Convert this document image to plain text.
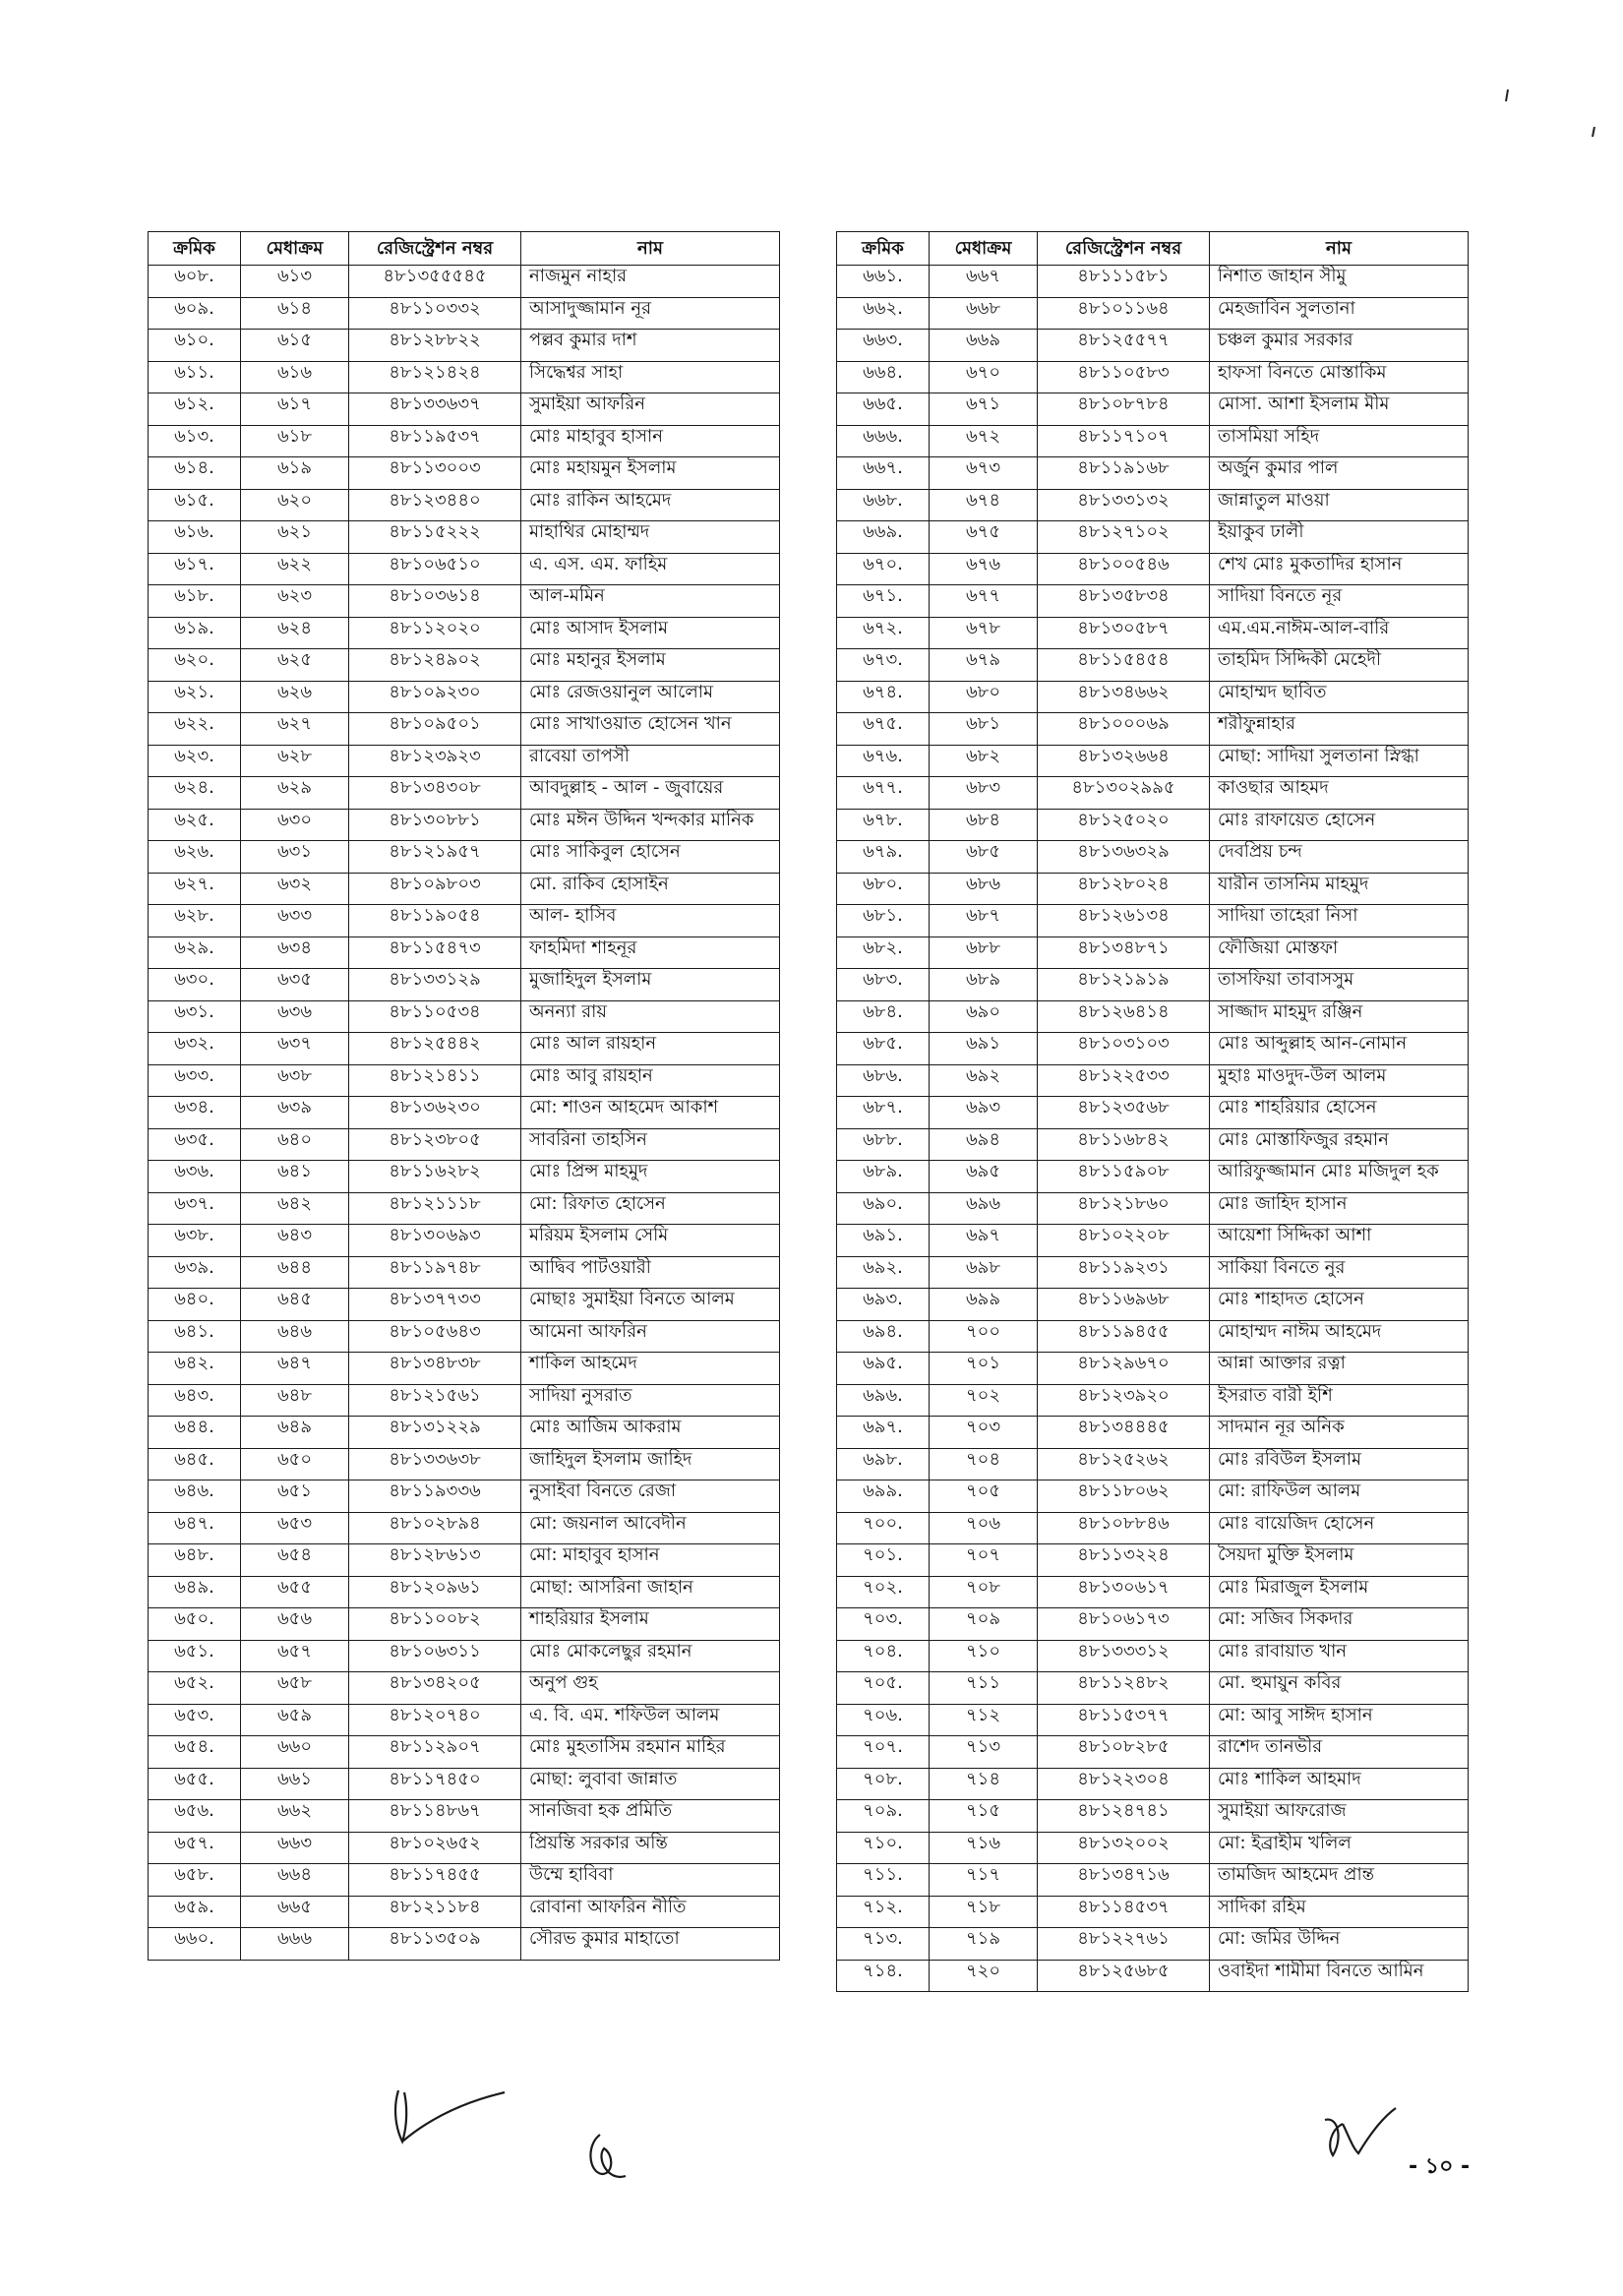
ক্রমিক	মেধাক্রম	রেজিস্ট্রেশন নম্বর	নাম
৬০৮.	৬১৩	৪৮১৩৫৫৫৪৫	নাজমুন নাহার
৬০৯.	৬১৪	৪৮১১০৩৩২	আসাদুজ্জামান নূর
৬১০.	৬১৫	৪৮১২৮৮২২	পল্লব কুমার দাশ
৬১১.	৬১৬	৪৮১২১৪২৪	সিদ্ধেশ্বর সাহা
৬১২.	৬১৭	৪৮১৩৩৬৩৭	সুমাইয়া আফরিন
৬১৩.	৬১৮	৪৮১১৯৫৩৭	মোঃ মাহাবুব হাসান
৬১৪.	৬১৯	৪৮১১৩০০৩	মোঃ মহায়মুন ইসলাম
৬১৫.	৬২০	৪৮১২৩৪৪০	মোঃ রাকিন আহমেদ
৬১৬.	৬২১	৪৮১১৫২২২	মাহাথির মোহাম্মদ
৬১৭.	৬২২	৪৮১০৬৫১০	এ. এস. এম. ফাহিম
৬১৮.	৬২৩	৪৮১০৩৬১৪	আল-মমিন
৬১৯.	৬২৪	৪৮১১২০২০	মোঃ আসাদ ইসলাম
৬২০.	৬২৫	৪৮১২৪৯০২	মোঃ মহানুর ইসলাম
৬২১.	৬২৬	৪৮১০৯২৩০	মোঃ রেজওয়ানুল আলোম
৬২২.	৬২৭	৪৮১০৯৫০১	মোঃ সাখাওয়াত হোসেন খান
৬২৩.	৬২৮	৪৮১২৩৯২৩	রাবেয়া তাপসী
৬২৪.	৬২৯	৪৮১৩৪৩০৮	আবদুল্লাহ - আল - জুবায়ের
৬২৫.	৬৩০	৪৮১৩০৮৮১	মোঃ মঈন উদ্দিন খন্দকার মানিক
৬২৬.	৬৩১	৪৮১২১৯৫৭	মোঃ সাকিবুল হোসেন
৬২৭.	৬৩২	৪৮১০৯৮০৩	মো. রাকিব হোসাইন
৬২৮.	৬৩৩	৪৮১১৯০৫৪	আল- হাসিব
৬২৯.	৬৩৪	৪৮১১৫৪৭৩	ফাহমিদা শাহনূর
৬৩০.	৬৩৫	৪৮১৩৩১২৯	মুজাহিদুল ইসলাম
৬৩১.	৬৩৬	৪৮১১০৫৩৪	অনন্যা রায়
৬৩২.	৬৩৭	৪৮১২৫৪৪২	মোঃ আল রায়হান
৬৩৩.	৬৩৮	৪৮১২১৪১১	মোঃ আবু রায়হান
৬৩৪.	৬৩৯	৪৮১৩৬২৩০	মো: শাওন আহমেদ আকাশ
৬৩৫.	৬৪০	৪৮১২৩৮০৫	সাবরিনা তাহসিন
৬৩৬.	৬৪১	৪৮১১৬২৮২	মোঃ প্রিন্স মাহমুদ
৬৩৭.	৬৪২	৪৮১২১১১৮	মো: রিফাত হোসেন
৬৩৮.	৬৪৩	৪৮১৩০৬৯৩	মরিয়ম ইসলাম সেমি
৬৩৯.	৬৪৪	৪৮১১৯৭৪৮	আদ্বিব পাটওয়ারী
৬৪০.	৬৪৫	৪৮১৩৭৭৩৩	মোছাঃ সুমাইয়া বিনতে আলম
৬৪১.	৬৪৬	৪৮১০৫৬৪৩	আমেনা আফরিন
৬৪২.	৬৪৭	৪৮১৩৪৮৩৮	শাকিল আহমেদ
৬৪৩.	৬৪৮	৪৮১২১৫৬১	সাদিয়া নুসরাত
৬৪৪.	৬৪৯	৪৮১৩১২২৯	মোঃ আজিম আকরাম
৬৪৫.	৬৫০	৪৮১৩৩৬৩৮	জাহিদুল ইসলাম জাহিদ
৬৪৬.	৬৫১	৪৮১১৯৩৩৬	নুসাইবা বিনতে রেজা
৬৪৭.	৬৫৩	৪৮১০২৮৯৪	মো: জয়নাল আবেদীন
৬৪৮.	৬৫৪	৪৮১২৮৬১৩	মো: মাহাবুব হাসান
৬৪৯.	৬৫৫	৪৮১২০৯৬১	মোছা: আসরিনা জাহান
৬৫০.	৬৫৬	৪৮১১০০৮২	শাহরিয়ার ইসলাম
৬৫১.	৬৫৭	৪৮১০৬৩১১	মোঃ মোকলেছুর রহমান
৬৫২.	৬৫৮	৪৮১৩৪২০৫	অনুপ গুহ
৬৫৩.	৬৫৯	৪৮১২০৭৪০	এ. বি. এম. শফিউল আলম
৬৫৪.	৬৬০	৪৮১১২৯০৭	মোঃ মুহতাসিম রহমান মাহির
৬৫৫.	৬৬১	৪৮১১৭৪৫০	মোছা: লুবাবা জান্নাত
৬৫৬.	৬৬২	৪৮১১৪৮৬৭	সানজিবা হক প্রমিতি
৬৫৭.	৬৬৩	৪৮১০২৬৫২	প্রিয়ন্তি সরকার অন্তি
৬৫৮.	৬৬৪	৪৮১১৭৪৫৫	উম্মে হাবিবা
৬৫৯.	৬৬৫	৪৮১২১১৮৪	রোবানা আফরিন নীতি
৬৬০.	৬৬৬	৪৮১১৩৫০৯	সৌরভ কুমার মাহাতো
ক্রমিক	মেধাক্রম	রেজিস্ট্রেশন নম্বর	নাম
৬৬১.	৬৬৭	৪৮১১১৫৮১	নিশাত জাহান সীমু
৬৬২.	৬৬৮	৪৮১০১১৬৪	মেহজাবিন সুলতানা
৬৬৩.	৬৬৯	৪৮১২৫৫৭৭	চঞ্চল কুমার সরকার
৬৬৪.	৬৭০	৪৮১১০৫৮৩	হাফসা বিনতে মোস্তাকিম
৬৬৫.	৬৭১	৪৮১০৮৭৮৪	মোসা. আশা ইসলাম মীম
৬৬৬.	৬৭২	৪৮১১৭১০৭	তাসমিয়া সহিদ
৬৬৭.	৬৭৩	৪৮১১৯১৬৮	অর্জুন কুমার পাল
৬৬৮.	৬৭৪	৪৮১৩৩১৩২	জান্নাতুল মাওয়া
৬৬৯.	৬৭৫	৪৮১২৭১০২	ইয়াকুব ঢালী
৬৭০.	৬৭৬	৪৮১০০৫৪৬	শেখ মোঃ মুকতাদির হাসান
৬৭১.	৬৭৭	৪৮১৩৫৮৩৪	সাদিয়া বিনতে নূর
৬৭২.	৬৭৮	৪৮১৩০৫৮৭	এম.এম.নাঈম-আল-বারি
৬৭৩.	৬৭৯	৪৮১১৫৪৫৪	তাহমিদ সিদ্দিকী মেহেদী
৬৭৪.	৬৮০	৪৮১৩৪৬৬২	মোহাম্মদ ছাবিত
৬৭৫.	৬৮১	৪৮১০০০৬৯	শরীফুন্নাহার
৬৭৬.	৬৮২	৪৮১৩২৬৬৪	মোছা: সাদিয়া সুলতানা স্নিগ্ধা
৬৭৭.	৬৮৩	৪৮১৩০২৯৯৫	কাওছার আহমদ
৬৭৮.	৬৮৪	৪৮১২৫০২০	মোঃ রাফায়েত হোসেন
৬৭৯.	৬৮৫	৪৮১৩৬৩২৯	দেবপ্রিয় চন্দ
৬৮০.	৬৮৬	৪৮১২৮০২৪	যারীন তাসনিম মাহমুদ
৬৮১.	৬৮৭	৪৮১২৬১৩৪	সাদিয়া তাহেরা নিসা
৬৮২.	৬৮৮	৪৮১৩৪৮৭১	ফৌজিয়া মোস্তফা
৬৮৩.	৬৮৯	৪৮১২১৯১৯	তাসফিয়া তাবাসসুম
৬৮৪.	৬৯০	৪৮১২৬৪১৪	সাজ্জাদ মাহমুদ রঞ্জিন
৬৮৫.	৬৯১	৪৮১০৩১০৩	মোঃ আব্দুল্লাহ আন-নোমান
৬৮৬.	৬৯২	৪৮১২২৫৩৩	মুহাঃ মাওদুদ-উল আলম
৬৮৭.	৬৯৩	৪৮১২৩৫৬৮	মোঃ শাহরিয়ার হোসেন
৬৮৮.	৬৯৪	৪৮১১৬৮৪২	মোঃ মোস্তাফিজুর রহমান
৬৮৯.	৬৯৫	৪৮১১৫৯০৮	আরিফুজ্জামান মোঃ মজিদুল হক
৬৯০.	৬৯৬	৪৮১২১৮৬০	মোঃ জাহিদ হাসান
৬৯১.	৬৯৭	৪৮১০২২০৮	আয়েশা সিদ্দিকা আশা
৬৯২.	৬৯৮	৪৮১১৯২৩১	সাকিয়া বিনতে নুর
৬৯৩.	৬৯৯	৪৮১১৬৯৬৮	মোঃ শাহাদত হোসেন
৬৯৪.	৭০০	৪৮১১৯৪৫৫	মোহাম্মদ নাঈম আহমেদ
৬৯৫.	৭০১	৪৮১২৯৬৭০	আন্না আক্তার রত্না
৬৯৬.	৭০২	৪৮১২৩৯২০	ইসরাত বারী ইশি
৬৯৭.	৭০৩	৪৮১৩৪৪৪৫	সাদমান নূর অনিক
৬৯৮.	৭০৪	৪৮১২৫২৬২	মোঃ রবিউল ইসলাম
৬৯৯.	৭০৫	৪৮১১৮০৬২	মো: রাফিউল আলম
৭০০.	৭০৬	৪৮১০৮৮৪৬	মোঃ বায়েজিদ হোসেন
৭০১.	৭০৭	৪৮১১৩২২৪	সৈয়দা মুক্তি ইসলাম
৭০২.	৭০৮	৪৮১৩০৬১৭	মোঃ মিরাজুল ইসলাম
৭০৩.	৭০৯	৪৮১০৬১৭৩	মো: সজিব সিকদার
৭০৪.	৭১০	৪৮১৩৩৩১২	মোঃ রাবায়াত খান
৭০৫.	৭১১	৪৮১১২৪৮২	মো. হুমায়ুন কবির
৭০৬.	৭১২	৪৮১১৫৩৭৭	মো: আবু সাঈদ হাসান
৭০৭.	৭১৩	৪৮১০৮২৮৫	রাশেদ তানভীর
৭০৮.	৭১৪	৪৮১২২৩০৪	মোঃ শাকিল আহমাদ
৭০৯.	৭১৫	৪৮১২৪৭৪১	সুমাইয়া আফরোজ
৭১০.	৭১৬	৪৮১৩২০০২	মো: ইব্রাহীম খলিল
৭১১.	৭১৭	৪৮১৩৪৭১৬	তামজিদ আহমেদ প্রান্ত
৭১২.	৭১৮	৪৮১১৪৫৩৭	সাদিকা রহিম
৭১৩.	৭১৯	৪৮১২২৭৬১	মো: জমির উদ্দিন
৭১৪.	৭২০	৪৮১২৫৬৮৫	ওবাইদা শামীমা বিনতে আমিন
- ১০ -
